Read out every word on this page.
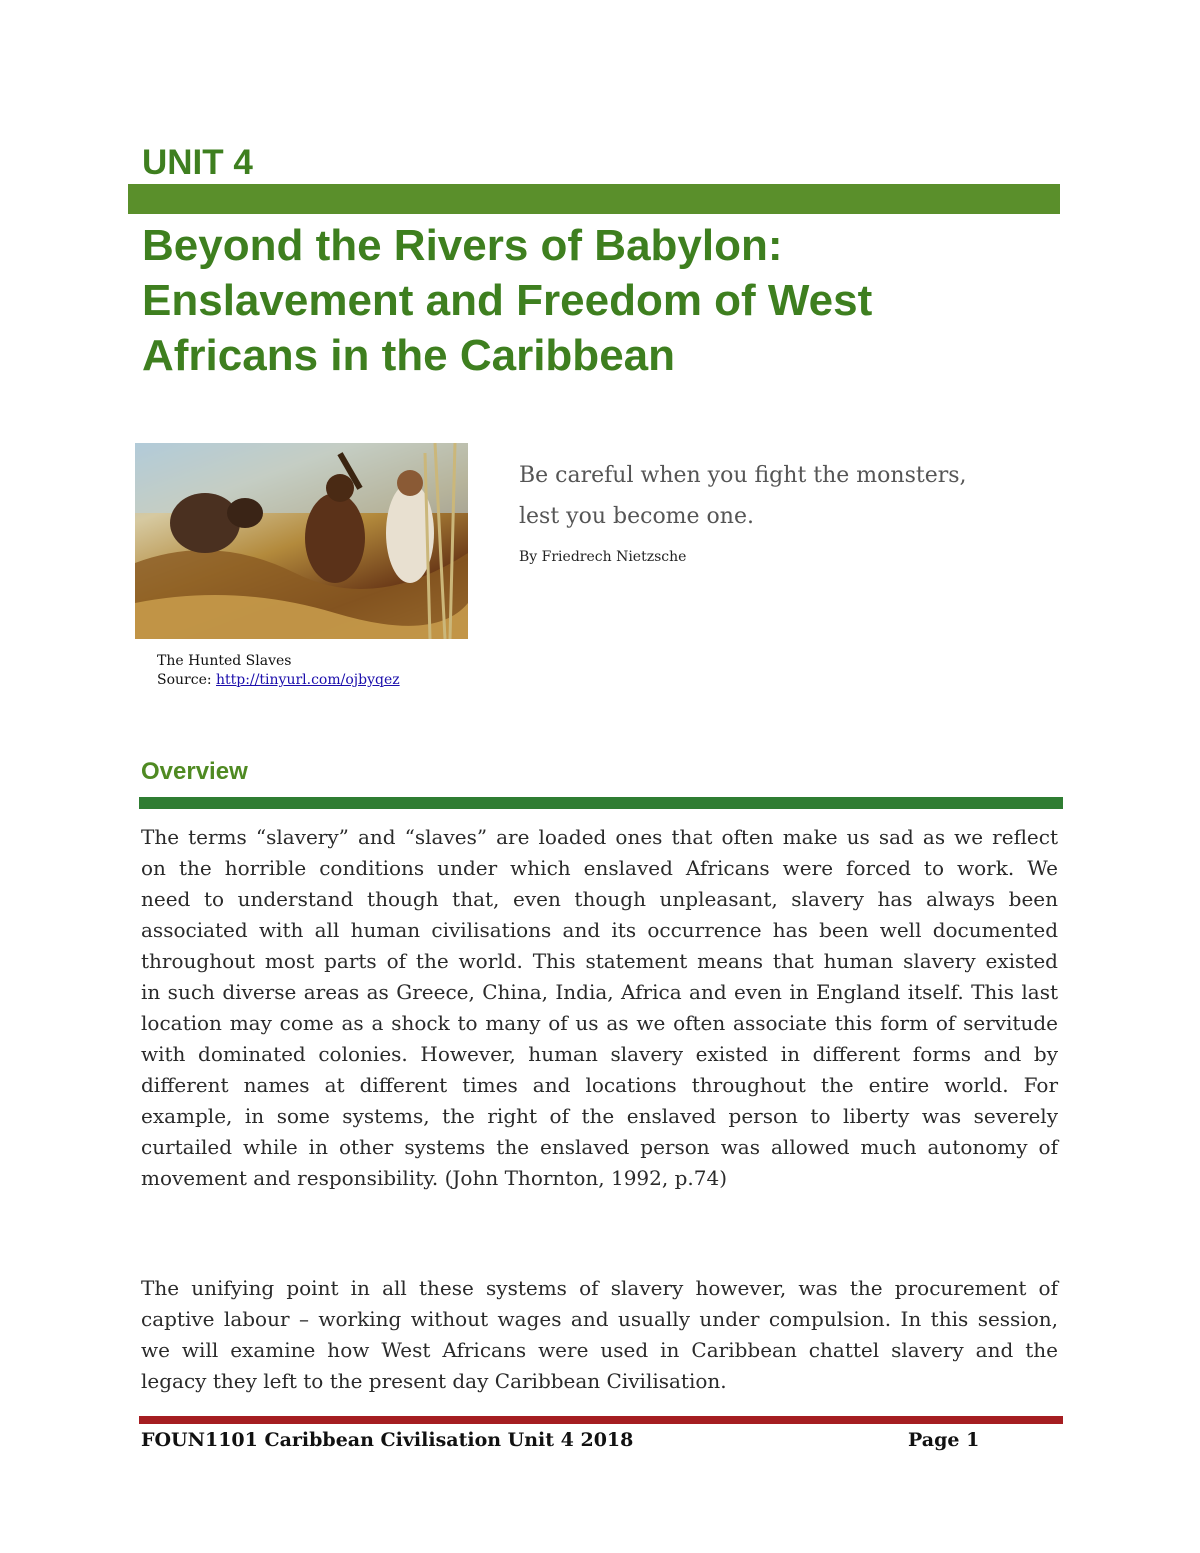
UNIT 4
Beyond the Rivers of Babylon:
Enslavement and Freedom of West
Africans in the Caribbean
The Hunted Slaves
Source: http://tinyurl.com/ojbyqez

Be careful when you fight the monsters,
lest you become one.

By Friedrech Nietzsche
Overview

The terms “slavery” and “slaves” are loaded ones that often make us sad as we reflect
on the horrible conditions under which enslaved Africans were forced to work. We
need to understand though that, even though unpleasant, slavery has always been
associated with all human civilisations and its occurrence has been well documented
throughout most parts of the world. This statement means that human slavery existed
in such diverse areas as Greece, China, India, Africa and even in England itself. This last
location may come as a shock to many of us as we often associate this form of servitude
with dominated colonies. However, human slavery existed in different forms and by
different names at different times and locations throughout the entire world. For
example, in some systems, the right of the enslaved person to liberty was severely
curtailed while in other systems the enslaved person was allowed much autonomy of
movement and responsibility. (John Thornton, 1992, p.74)

The unifying point in all these systems of slavery however, was the procurement of
captive labour – working without wages and usually under compulsion. In this session,
we will examine how West Africans were used in Caribbean chattel slavery and the
legacy they left to the present day Caribbean Civilisation.

FOUN1101 Caribbean Civilisation Unit 4 2018	Page 1
